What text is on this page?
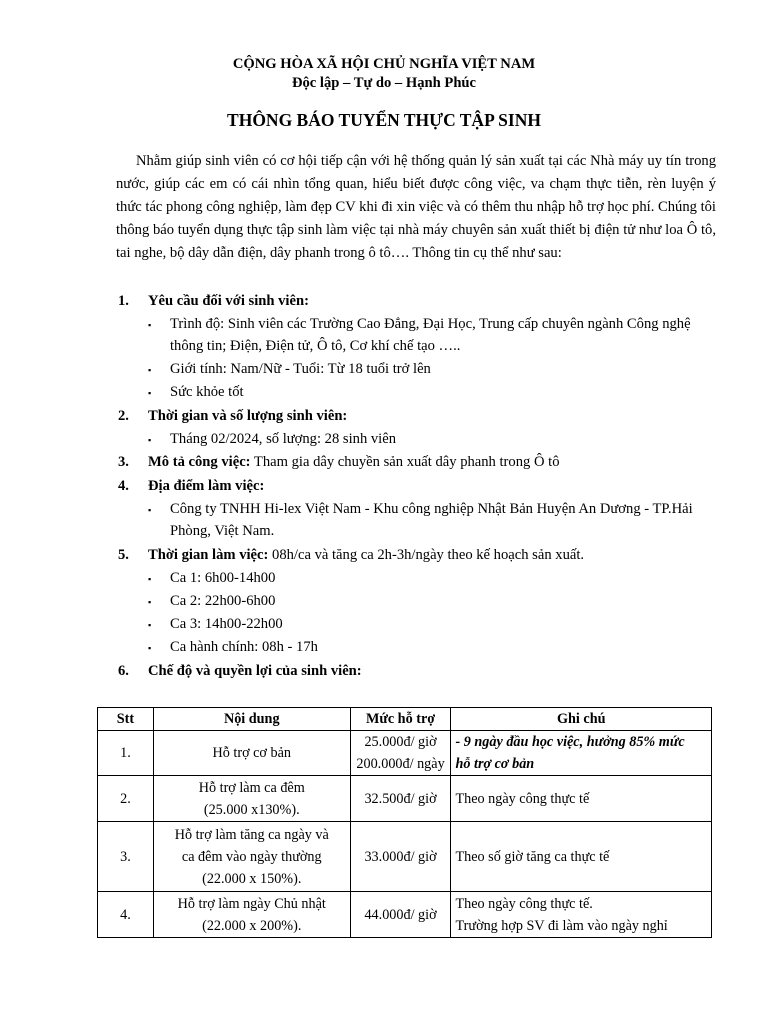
CỘNG HÒA XÃ HỘI CHỦ NGHĨA VIỆT NAM
Độc lập – Tự do – Hạnh Phúc
THÔNG BÁO TUYỂN THỰC TẬP SINH
Nhằm giúp sinh viên có cơ hội tiếp cận với hệ thống quản lý sản xuất tại các Nhà máy uy tín trong nước, giúp các em có cái nhìn tổng quan, hiểu biết được công việc, va chạm thực tiễn, rèn luyện ý thức tác phong công nghiệp, làm đẹp CV khi đi xin việc và có thêm thu nhập hỗ trợ học phí. Chúng tôi thông báo tuyển dụng thực tập sinh làm việc tại nhà máy chuyên sản xuất thiết bị điện tử như loa Ô tô, tai nghe, bộ dây dẫn điện, dây phanh trong ô tô…. Thông tin cụ thể như sau:
1. Yêu cầu đối với sinh viên:
▪ Trình độ: Sinh viên các Trường Cao Đẳng, Đại Học, Trung cấp chuyên ngành Công nghệ
thông tin; Điện, Điện tử, Ô tô, Cơ khí chế tạo …..
▪ Giới tính: Nam/Nữ - Tuổi: Từ 18 tuổi trở lên
▪ Sức khỏe tốt
2. Thời gian và số lượng sinh viên:
▪ Tháng 02/2024, số lượng: 28 sinh viên
3. Mô tả công việc: Tham gia dây chuyền sản xuất dây phanh trong Ô tô
4. Địa điểm làm việc:
▪ Công ty TNHH Hi-lex Việt Nam - Khu công nghiệp Nhật Bản Huyện An Dương - TP.Hải
Phòng, Việt Nam.
5. Thời gian làm việc: 08h/ca và tăng ca 2h-3h/ngày theo kế hoạch sản xuất.
▪ Ca 1: 6h00-14h00
▪ Ca 2: 22h00-6h00
▪ Ca 3: 14h00-22h00
▪ Ca hành chính: 08h - 17h
6. Chế độ và quyền lợi của sinh viên:
Stt	Nội dung	Mức hỗ trợ	Ghi chú
1.	Hỗ trợ cơ bản	25.000đ/ giờ
200.000đ/ ngày	- 9 ngày đầu học việc, hưởng 85% mức
hỗ trợ cơ bản

2.	Hỗ trợ làm ca đêm
(25.000 x130%).	32.500đ/ giờ	Theo ngày công thực tế

3.	Hỗ trợ làm tăng ca ngày và
ca đêm vào ngày thường
(22.000 x 150%).	33.000đ/ giờ	Theo số giờ tăng ca thực tế

4.	Hỗ trợ làm ngày Chủ nhật
(22.000 x 200%).	44.000đ/ giờ	Theo ngày công thực tế.
Trường hợp SV đi làm vào ngày nghỉ
